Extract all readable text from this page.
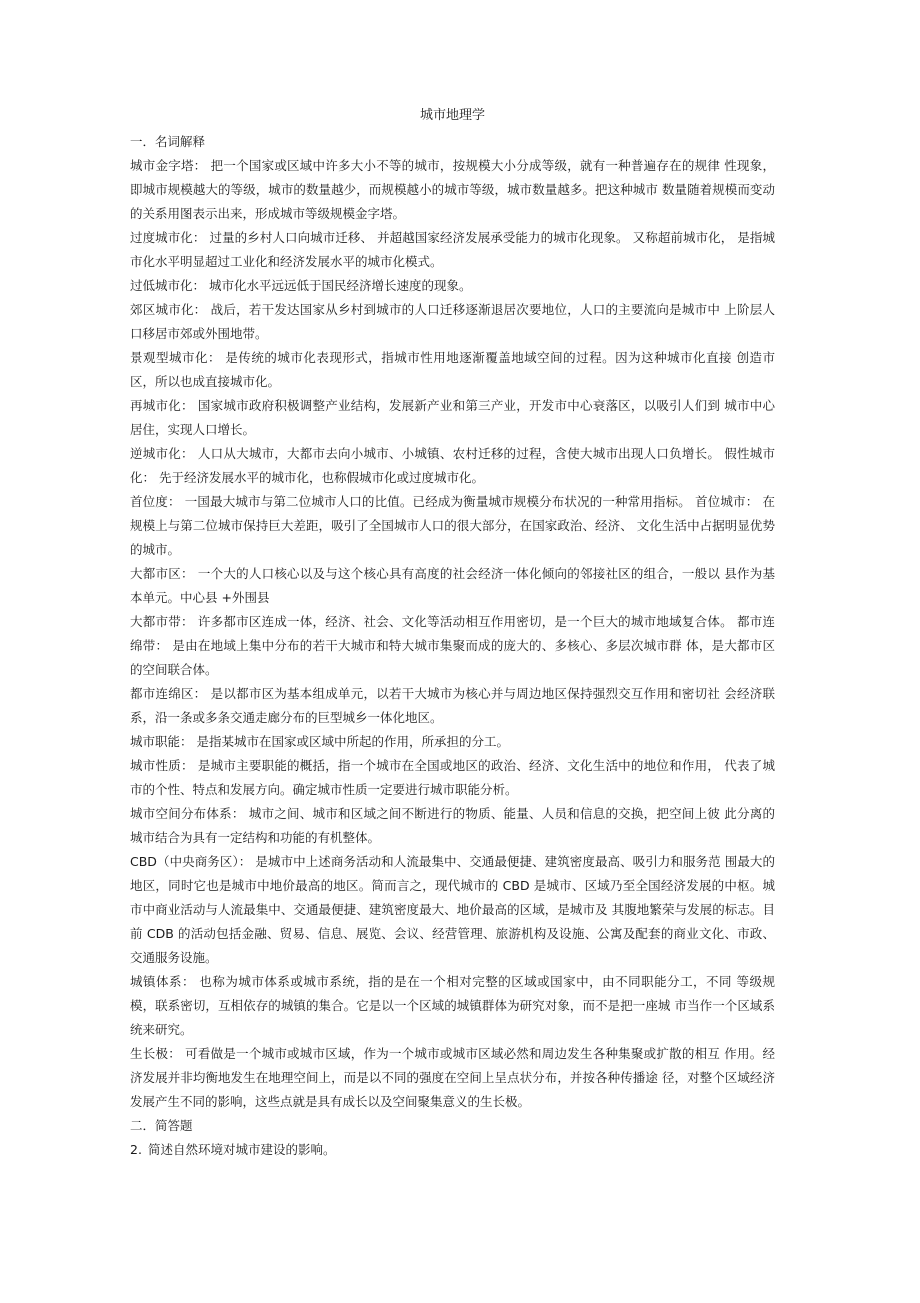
城市地理学
一．名词解释
城市金字塔： 把一个国家或区域中许多大小不等的城市，按规模大小分成等级，就有一种普遍存在的规律 性现象，即城市规模越大的等级，城市的数量越少，而规模越小的城市等级，城市数量越多。把这种城市 数量随着规模而变动的关系用图表示出来，形成城市等级规模金字塔。
过度城市化： 过量的乡村人口向城市迁移、 并超越国家经济发展承受能力的城市化现象。 又称超前城市化， 是指城市化水平明显超过工业化和经济发展水平的城市化模式。
过低城市化： 城市化水平远远低于国民经济增长速度的现象。
郊区城市化： 战后，若干发达国家从乡村到城市的人口迁移逐渐退居次要地位，人口的主要流向是城市中 上阶层人口移居市郊或外围地带。
景观型城市化： 是传统的城市化表现形式，指城市性用地逐渐覆盖地域空间的过程。因为这种城市化直接 创造市区，所以也成直接城市化。
再城市化： 国家城市政府积极调整产业结构，发展新产业和第三产业，开发市中心衰落区，以吸引人们到 城市中心居住，实现人口增长。
逆城市化： 人口从大城市，大都市去向小城市、小城镇、农村迁移的过程，含使大城市出现人口负增长。 假性城市化： 先于经济发展水平的城市化，也称假城市化或过度城市化。
首位度： 一国最大城市与第二位城市人口的比值。已经成为衡量城市规模分布状况的一种常用指标。 首位城市： 在规模上与第二位城市保持巨大差距，吸引了全国城市人口的很大部分，在国家政治、经济、 文化生活中占据明显优势的城市。
大都市区： 一个大的人口核心以及与这个核心具有高度的社会经济一体化倾向的邻接社区的组合，一般以 县作为基本单元。中心县 +外围县
大都市带： 许多都市区连成一体，经济、社会、文化等活动相互作用密切，是一个巨大的城市地域复合体。 都市连绵带： 是由在地域上集中分布的若干大城市和特大城市集聚而成的庞大的、多核心、多层次城市群 体，是大都市区的空间联合体。
都市连绵区： 是以都市区为基本组成单元，以若干大城市为核心并与周边地区保持强烈交互作用和密切社 会经济联系，沿一条或多条交通走廊分布的巨型城乡一体化地区。
城市职能： 是指某城市在国家或区域中所起的作用，所承担的分工。
城市性质： 是城市主要职能的概括，指一个城市在全国或地区的政治、经济、文化生活中的地位和作用， 代表了城市的个性、特点和发展方向。确定城市性质一定要进行城市职能分析。
城市空间分布体系： 城市之间、城市和区域之间不断进行的物质、能量、人员和信息的交换，把空间上彼 此分离的城市结合为具有一定结构和功能的有机整体。
CBD（中央商务区）： 是城市中上述商务活动和人流最集中、交通最便捷、建筑密度最高、吸引力和服务范 围最大的地区，同时它也是城市中地价最高的地区。简而言之，现代城市的 CBD 是城市、区域乃至全国经济发展的中枢。城市中商业活动与人流最集中、交通最便捷、建筑密度最大、地价最高的区域，是城市及 其腹地繁荣与发展的标志。目前 CDB 的活动包括金融、贸易、信息、展览、会议、经营管理、旅游机构及设施、公寓及配套的商业文化、市政、交通服务设施。
城镇体系： 也称为城市体系或城市系统，指的是在一个相对完整的区域或国家中，由不同职能分工，不同 等级规模，联系密切，互相依存的城镇的集合。它是以一个区域的城镇群体为研究对象，而不是把一座城 市当作一个区域系统来研究。
生长极： 可看做是一个城市或城市区域，作为一个城市或城市区域必然和周边发生各种集聚或扩散的相互 作用。经济发展并非均衡地发生在地理空间上，而是以不同的强度在空间上呈点状分布，并按各种传播途 径，对整个区域经济发展产生不同的影响，这些点就是具有成长以及空间聚集意义的生长极。
二．简答题
2. 简述自然环境对城市建设的影响。
